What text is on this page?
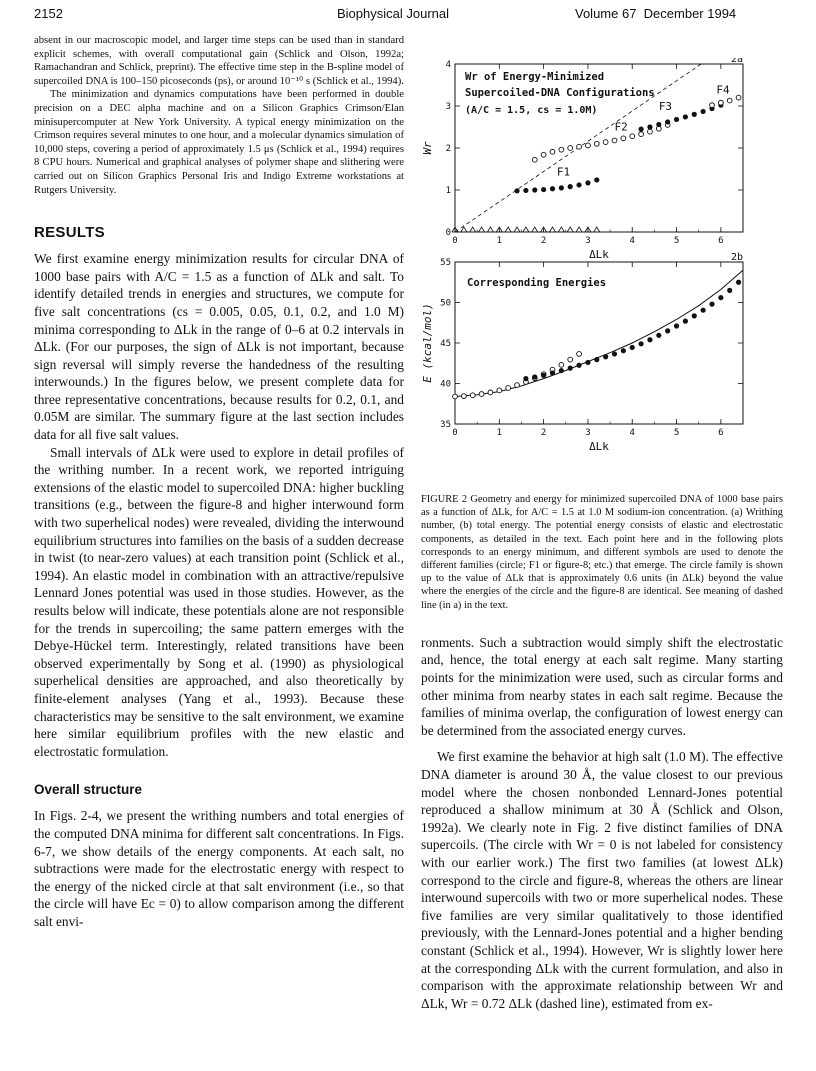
2152	Biophysical Journal	Volume 67  December 1994

absent in our macroscopic model, and larger time steps can be used than in standard explicit schemes, with overall computational gain (Schlick and Olson, 1992a; Ramachandran and Schlick, preprint). The effective time step in the B-spline model of supercoiled DNA is 100–150 picoseconds (ps), or around 10⁻¹⁰ s (Schlick et al., 1994).

The minimization and dynamics computations have been performed in double precision on a DEC alpha machine and on a Silicon Graphics Crimson/Elan minisupercomputer at New York University. A typical energy minimization on the Crimson requires several minutes to one hour, and a molecular dynamics simulation of 10,000 steps, covering a period of approximately 1.5 μs (Schlick et al., 1994) requires 8 CPU hours. Numerical and graphical analyses of polymer shape and slithering were carried out on Silicon Graphics Personal Iris and Indigo Extreme workstations at Rutgers University.

RESULTS

We first examine energy minimization results for circular DNA of 1000 base pairs with A/C = 1.5 as a function of ΔLk and salt. To identify detailed trends in energies and structures, we compute for five salt concentrations (cs = 0.005, 0.05, 0.1, 0.2, and 1.0 M) minima corresponding to ΔLk in the range of 0–6 at 0.2 intervals in ΔLk. (For our purposes, the sign of ΔLk is not important, because sign reversal will simply reverse the handedness of the resulting interwounds.) In the figures below, we present complete data for three representative concentrations, because results for 0.2, 0.1, and 0.05M are similar. The summary figure at the last section includes data for all five salt values.

Small intervals of ΔLk were used to explore in detail profiles of the writhing number. In a recent work, we reported intriguing extensions of the elastic model to supercoiled DNA: higher buckling transitions (e.g., between the figure-8 and higher interwound form with two superhelical nodes) were revealed, dividing the interwound equilibrium structures into families on the basis of a sudden decrease in twist (to near-zero values) at each transition point (Schlick et al., 1994). An elastic model in combination with an attractive/repulsive Lennard Jones potential was used in those studies. However, as the results below will indicate, these potentials alone are not responsible for the trends in supercoiling; the same pattern emerges with the Debye-Hückel term. Interestingly, related transitions have been observed experimentally by Song et al. (1990) as physiological superhelical densities are approached, and also theoretically by finite-element analyses (Yang et al., 1993). Because these characteristics may be sensitive to the salt environment, we examine here similar equilibrium profiles with the new elastic and electrostatic formulation.

Overall structure

In Figs. 2-4, we present the writhing numbers and total energies of the computed DNA minima for different salt concentrations. In Figs. 6-7, we show details of the energy components. At each salt, no subtractions were made for the electrostatic energy with respect to the energy of the nicked circle at that salt environment (i.e., so that the circle will have Ec = 0) to allow comparison among the different salt envi-

0	1	2	3	4	5	6
0
1
2
3
4	2a
ΔLk
Wr
Wr of Energy-Minimized
Supercoiled-DNA Configurations
(A/C = 1.5, cs = 1.0M)
F1
F2
F3
F4
0	1	2	3	4	5	6
35
40
45
50
55	2b
ΔLk
E (kcal/mol)
Corresponding Energies

FIGURE 2 Geometry and energy for minimized supercoiled DNA of 1000 base pairs as a function of ΔLk, for A/C = 1.5 at 1.0 M sodium-ion concentration. (a) Writhing number, (b) total energy. The potential energy consists of elastic and electrostatic components, as detailed in the text. Each point here and in the following plots corresponds to an energy minimum, and different symbols are used to denote the different families (circle; F1 or figure-8; etc.) that emerge. The circle family is shown up to the value of ΔLk that is approximately 0.6 units (in ΔLk) beyond the value where the energies of the circle and the figure-8 are identical. See meaning of dashed line (in a) in the text.

ronments. Such a subtraction would simply shift the electrostatic and, hence, the total energy at each salt regime. Many starting points for the minimization were used, such as circular forms and other minima from nearby states in each salt regime. Because the families of minima overlap, the configuration of lowest energy can be determined from the associated energy curves.

We first examine the behavior at high salt (1.0 M). The effective DNA diameter is around 30 Å, the value closest to our previous model where the chosen nonbonded Lennard-Jones potential reproduced a shallow minimum at 30 Å (Schlick and Olson, 1992a). We clearly note in Fig. 2 five distinct families of DNA supercoils. (The circle with Wr = 0 is not labeled for consistency with our earlier work.) The first two families (at lowest ΔLk) correspond to the circle and figure-8, whereas the others are linear interwound supercoils with two or more superhelical nodes. These five families are very similar qualitatively to those identified previously, with the Lennard-Jones potential and a higher bending constant (Schlick et al., 1994). However, Wr is slightly lower here at the corresponding ΔLk with the current formulation, and also in comparison with the approximate relationship between Wr and ΔLk, Wr = 0.72 ΔLk (dashed line), estimated from ex-
